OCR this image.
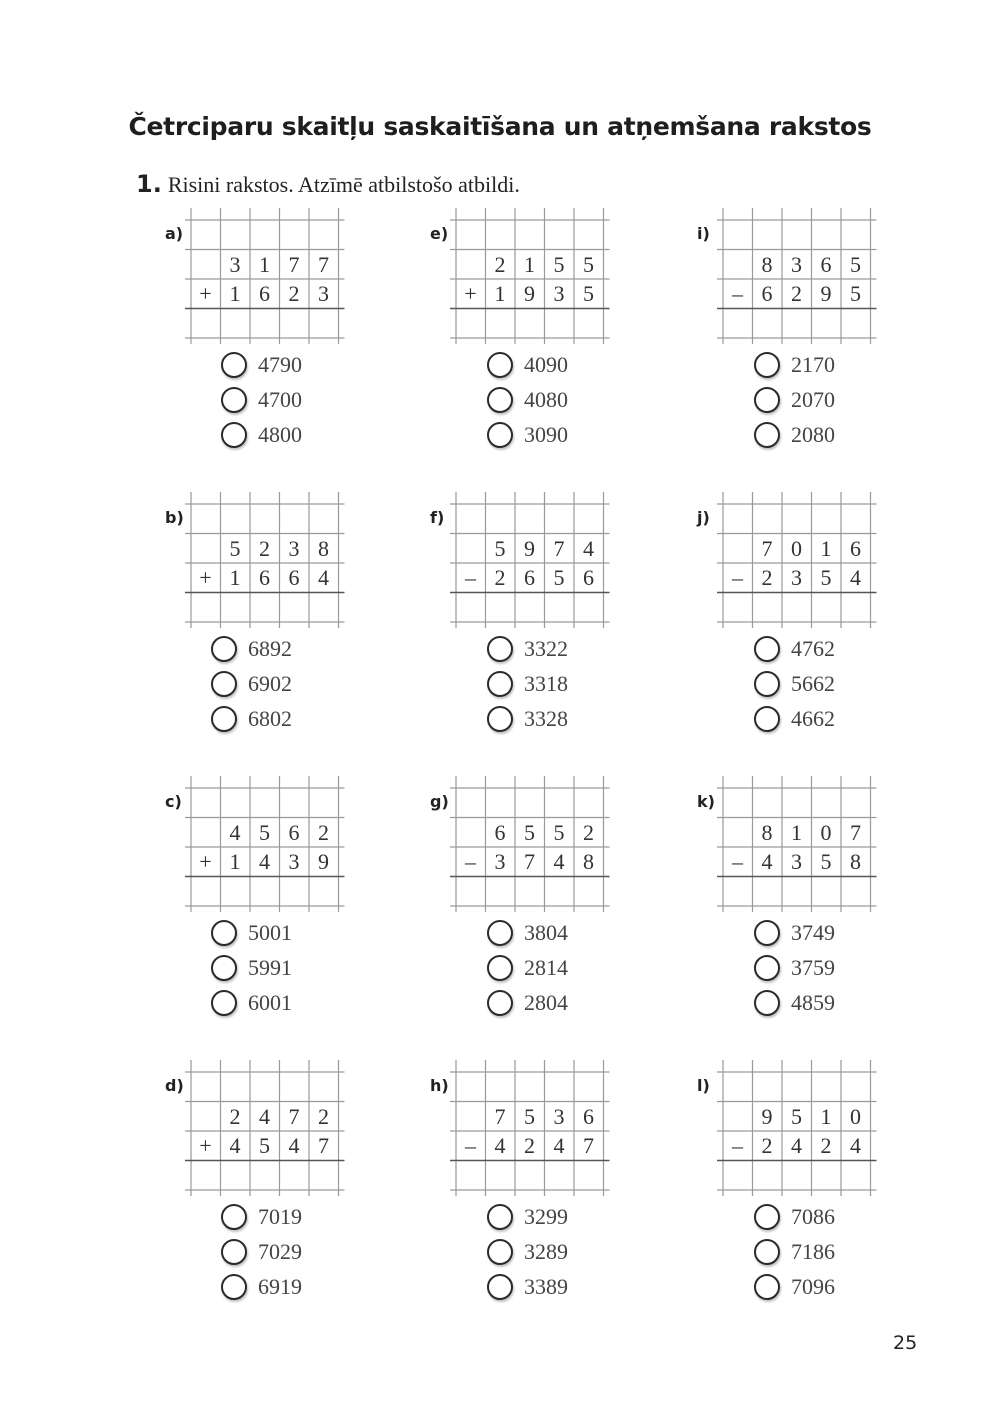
Četrciparu skaitļu saskaitīšana un atņemšana rakstos
1. Risini rakstos. Atzīmē atbilstošo atbildi.
a)
3 1 7 7
+ 1 6 2 3
4790
4700
4800
b)
5 2 3 8
+ 1 6 6 4
6892
6902
6802
c)
4 5 6 2
+ 1 4 3 9
5001
5991
6001
d)
2 4 7 2
+ 4 5 4 7
7019
7029
6919
e)
2 1 5 5
+ 1 9 3 5
4090
4080
3090
f)
5 9 7 4
– 2 6 5 6
3322
3318
3328
g)
6 5 5 2
– 3 7 4 8
3804
2814
2804
h)
7 5 3 6
– 4 2 4 7
3299
3289
3389
i)
8 3 6 5
– 6 2 9 5
2170
2070
2080
j)
7 0 1 6
– 2 3 5 4
4762
5662
4662
k)
8 1 0 7
– 4 3 5 8
3749
3759
4859
l)
9 5 1 0
– 2 4 2 4
7086
7186
7096
25
